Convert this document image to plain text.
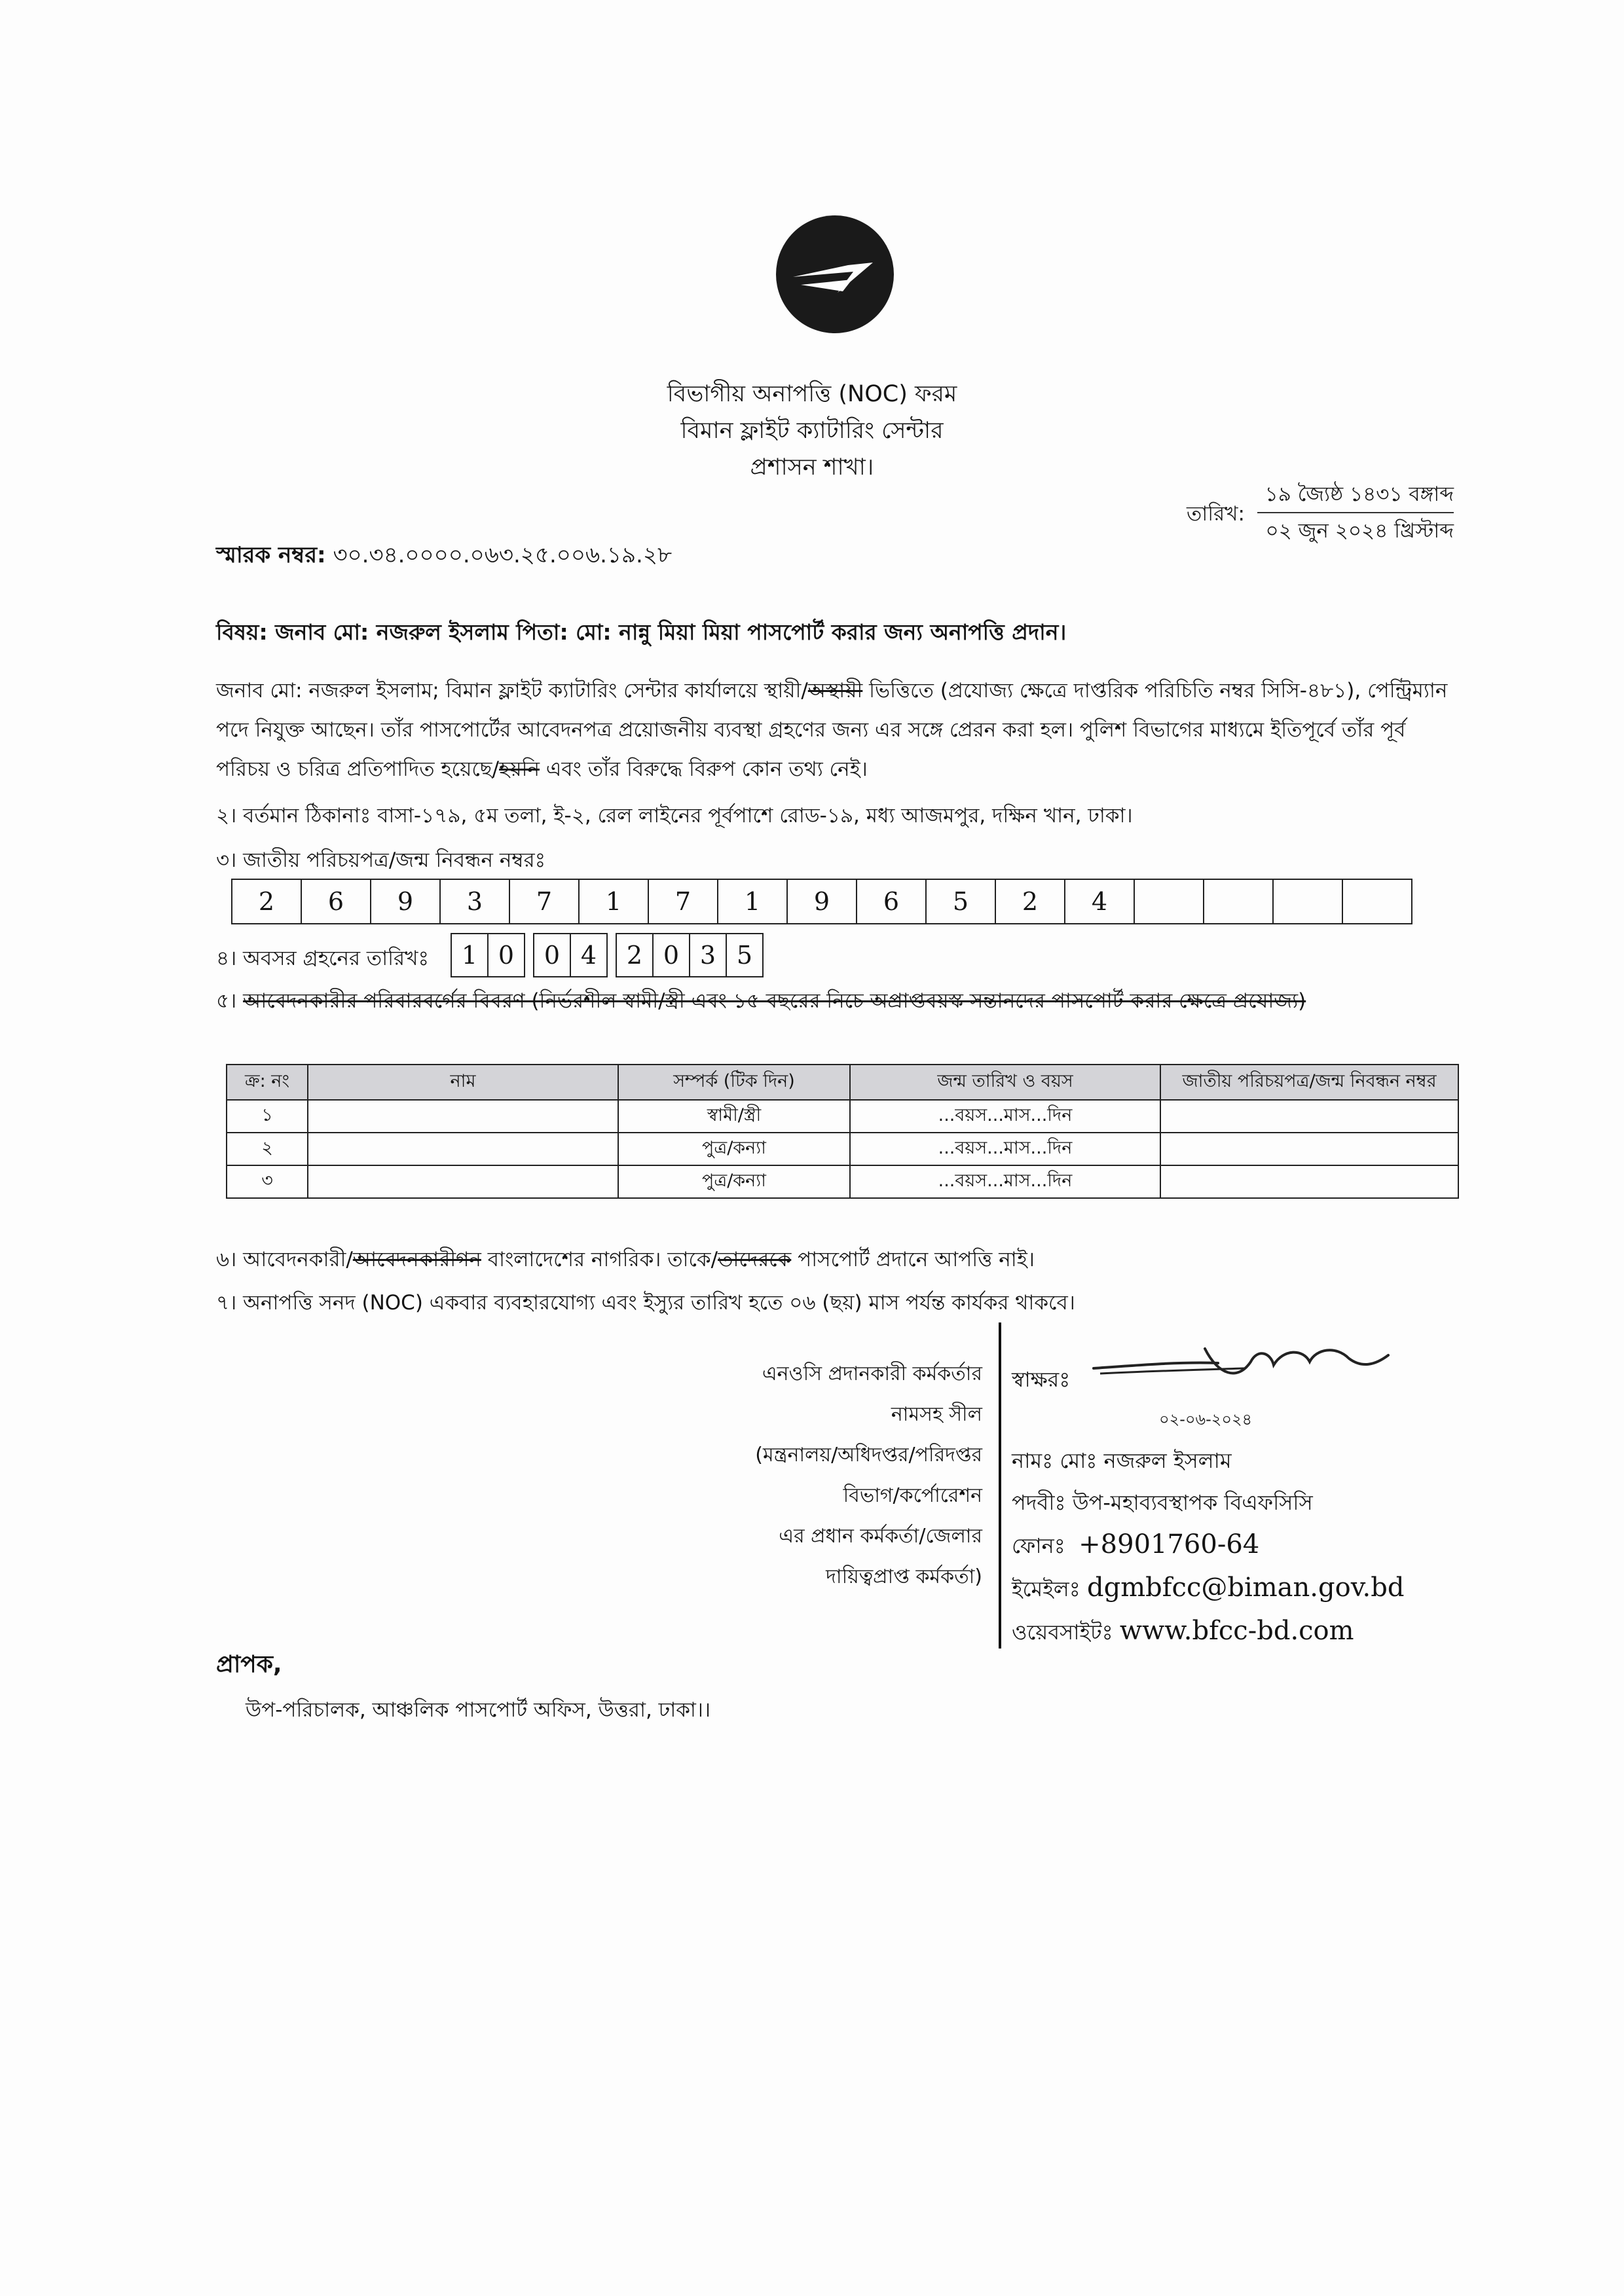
বিভাগীয় অনাপত্তি (NOC) ফরম
বিমান ফ্লাইট ক্যাটারিং সেন্টার
প্রশাসন শাখা।
১৯ জ্যৈষ্ঠ ১৪৩১ বঙ্গাব্দ
০২ জুন ২০২৪ খ্রিস্টাব্দ
তারিখ:
স্মারক নম্বর: ৩০.৩৪.০০০০.০৬৩.২৫.০০৬.১৯.২৮
বিষয়: জনাব মো: নজরুল ইসলাম পিতা: মো: নান্নু মিয়া মিয়া পাসপোর্ট করার জন্য অনাপত্তি প্রদান।
জনাব মো: নজরুল ইসলাম; বিমান ফ্লাইট ক্যাটারিং সেন্টার কার্যালয়ে স্থায়ী/অস্থায়ী ভিত্তিতে (প্রযোজ্য ক্ষেত্রে দাপ্তরিক পরিচিতি নম্বর সিসি-৪৮১), পেন্ট্রিম্যান পদে নিযুক্ত আছেন। তাঁর পাসপোর্টের আবেদনপত্র প্রয়োজনীয় ব্যবস্থা গ্রহণের জন্য এর সঙ্গে প্রেরন করা হল। পুলিশ বিভাগের মাধ্যমে ইতিপূর্বে তাঁর পূর্ব পরিচয় ও চরিত্র প্রতিপাদিত হয়েছে/হয়নি এবং তাঁর বিরুদ্ধে বিরুপ কোন তথ্য নেই।
২। বর্তমান ঠিকানাঃ বাসা-১৭৯, ৫ম তলা, ই-২, রেল লাইনের পূর্বপাশে রোড-১৯, মধ্য আজমপুর, দক্ষিন খান, ঢাকা।
৩। জাতীয় পরিচয়পত্র/জন্ম নিবন্ধন নম্বরঃ
2	6	9	3	7	1	7	1	9	6	5	2	4
৪। অবসর গ্রহনের তারিখঃ	1 0	0 4	2 0 3 5
৫। আবেদনকারীর পরিবারবর্গের বিবরণ (নির্ভরশীল স্বামী/স্ত্রী এবং ১৫ বছরের নিচে অপ্রাপ্তবয়স্ক সন্তানদের পাসপোর্ট করার ক্ষেত্রে প্রযোজ্য)
ক্র: নং	নাম	সম্পর্ক (টিক দিন)	জন্ম তারিখ ও বয়স	জাতীয় পরিচয়পত্র/জন্ম নিবন্ধন নম্বর
১		স্বামী/স্ত্রী	...বয়স...মাস...দিন	
২		পুত্র/কন্যা	...বয়স...মাস...দিন	
৩		পুত্র/কন্যা	...বয়স...মাস...দিন	
৬। আবেদনকারী/আবেদনকারীগন বাংলাদেশের নাগরিক। তাকে/তাদেরকে পাসপোর্ট প্রদানে আপত্তি নাই।
৭। অনাপত্তি সনদ (NOC) একবার ব্যবহারযোগ্য এবং ইস্যুর তারিখ হতে ০৬ (ছয়) মাস পর্যন্ত কার্যকর থাকবে।
এনওসি প্রদানকারী কর্মকর্তার
নামসহ সীল
(মন্ত্রনালয়/অধিদপ্তর/পরিদপ্তর
বিভাগ/কর্পোরেশন
এর প্রধান কর্মকর্তা/জেলার
দায়িত্বপ্রাপ্ত কর্মকর্তা)
০২-০৬-২০২৪
স্বাক্ষরঃ
নামঃ মোঃ নজরুল ইসলাম
পদবীঃ উপ-মহাব্যবস্থাপক বিএফসিসি
ফোনঃ +8901760-64
ইমেইলঃ dgmbfcc@biman.gov.bd
ওয়েবসাইটঃ www.bfcc-bd.com
প্রাপক,
উপ-পরিচালক, আঞ্চলিক পাসপোর্ট অফিস, উত্তরা, ঢাকা।।
